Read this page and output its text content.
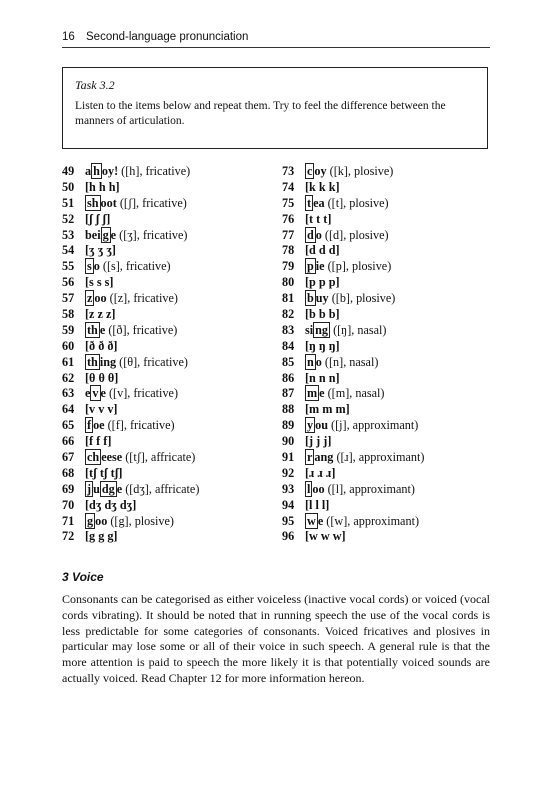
16 Second-language pronunciation
Task 3.2
Listen to the items below and repeat them. Try to feel the difference between the manners of articulation.
49 a h oy! ([h], fricative)
50 [h h h]
51 sh oot ([ʃ], fricative)
52 [ʃ ʃ ʃ]
53 bei g e ([ʒ], fricative)
54 [ʒ ʒ ʒ]
55 s o ([s], fricative)
56 [s s s]
57 z oo ([z], fricative)
58 [z z z]
59 th e ([ð], fricative)
60 [ð ð ð]
61 th ing ([θ], fricative)
62 [θ θ θ]
63 e v e ([v], fricative)
64 [v v v]
65 f oe ([f], fricative)
66 [f f f]
67 ch eese ([tʃ], affricate)
68 [tʃ tʃ tʃ]
69 j u dg e ([dʒ], affricate)
70 [dʒ dʒ dʒ]
71 g oo ([g], plosive)
72 [g g g]
73 c oy ([k], plosive)
74 [k k k]
75 t ea ([t], plosive)
76 [t t t]
77 d o ([d], plosive)
78 [d d d]
79 p ie ([p], plosive)
80 [p p p]
81 b uy ([b], plosive)
82 [b b b]
83 si ng ([ŋ], nasal)
84 [ŋ ŋ ŋ]
85 n o ([n], nasal)
86 [n n n]
87 m e ([m], nasal)
88 [m m m]
89 y ou ([j], approximant)
90 [j j j]
91 r ang ([ɹ], approximant)
92 [ɹ ɹ ɹ]
93 l oo ([l], approximant)
94 [l l l]
95 w e ([w], approximant)
96 [w w w]
3 Voice
Consonants can be categorised as either voiceless (inactive vocal cords) or voiced (vocal cords vibrating). It should be noted that in running speech the use of the vocal cords is less predictable for some categories of consonants. Voiced fricatives and plosives in particular may lose some or all of their voice in such speech. A general rule is that the more attention is paid to speech the more likely it is that potentially voiced sounds are actually voiced. Read Chapter 12 for more information hereon.
